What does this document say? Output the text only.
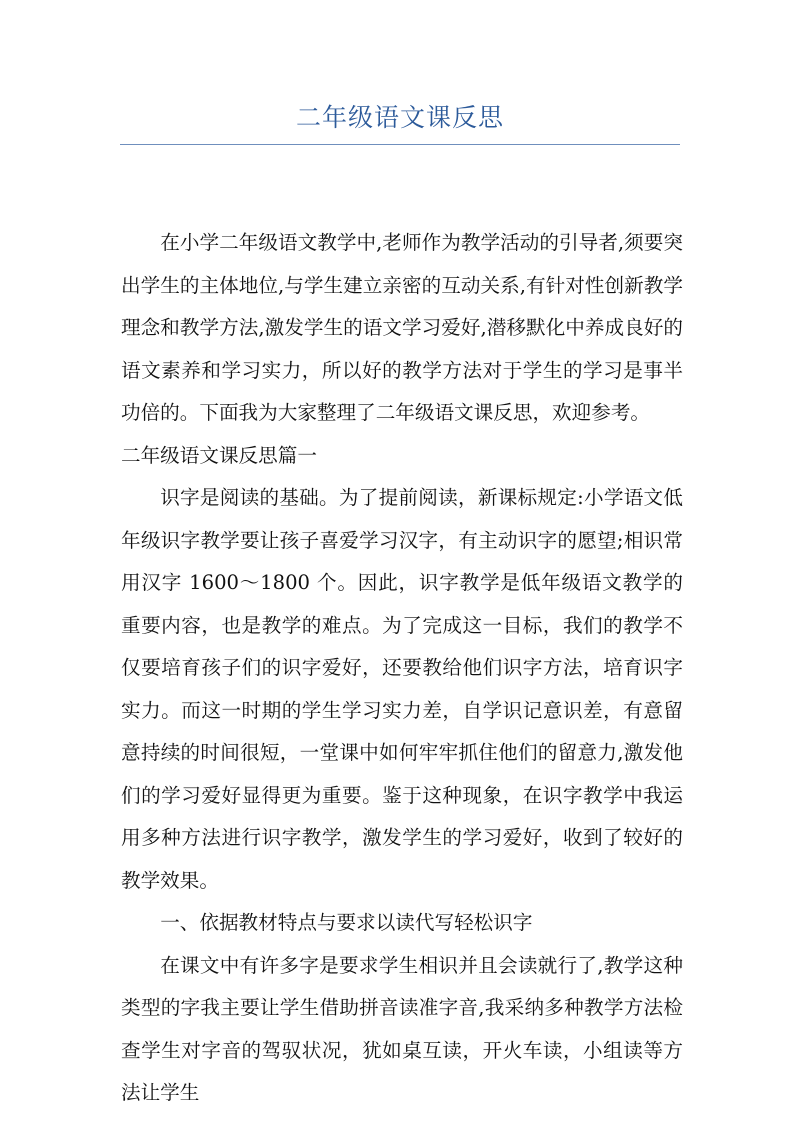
二年级语文课反思

在小学二年级语文教学中,老师作为教学活动的引导者,须要突出学生的主体地位,与学生建立亲密的互动关系,有针对性创新教学理念和教学方法,激发学生的语文学习爱好,潜移默化中养成良好的语文素养和学习实力，所以好的教学方法对于学生的学习是事半功倍的。下面我为大家整理了二年级语文课反思，欢迎参考。

二年级语文课反思篇一

识字是阅读的基础。为了提前阅读，新课标规定:小学语文低年级识字教学要让孩子喜爱学习汉字，有主动识字的愿望;相识常用汉字 1600～1800 个。因此，识字教学是低年级语文教学的重要内容，也是教学的难点。为了完成这一目标，我们的教学不仅要培育孩子们的识字爱好，还要教给他们识字方法，培育识字实力。而这一时期的学生学习实力差，自学识记意识差，有意留意持续的时间很短，一堂课中如何牢牢抓住他们的留意力,激发他们的学习爱好显得更为重要。鉴于这种现象，在识字教学中我运用多种方法进行识字教学，激发学生的学习爱好，收到了较好的教学效果。

一、依据教材特点与要求以读代写轻松识字

在课文中有许多字是要求学生相识并且会读就行了,教学这种类型的字我主要让学生借助拼音读准字音,我采纳多种教学方法检查学生对字音的驾驭状况，犹如桌互读，开火车读，小组读等方法让学生
